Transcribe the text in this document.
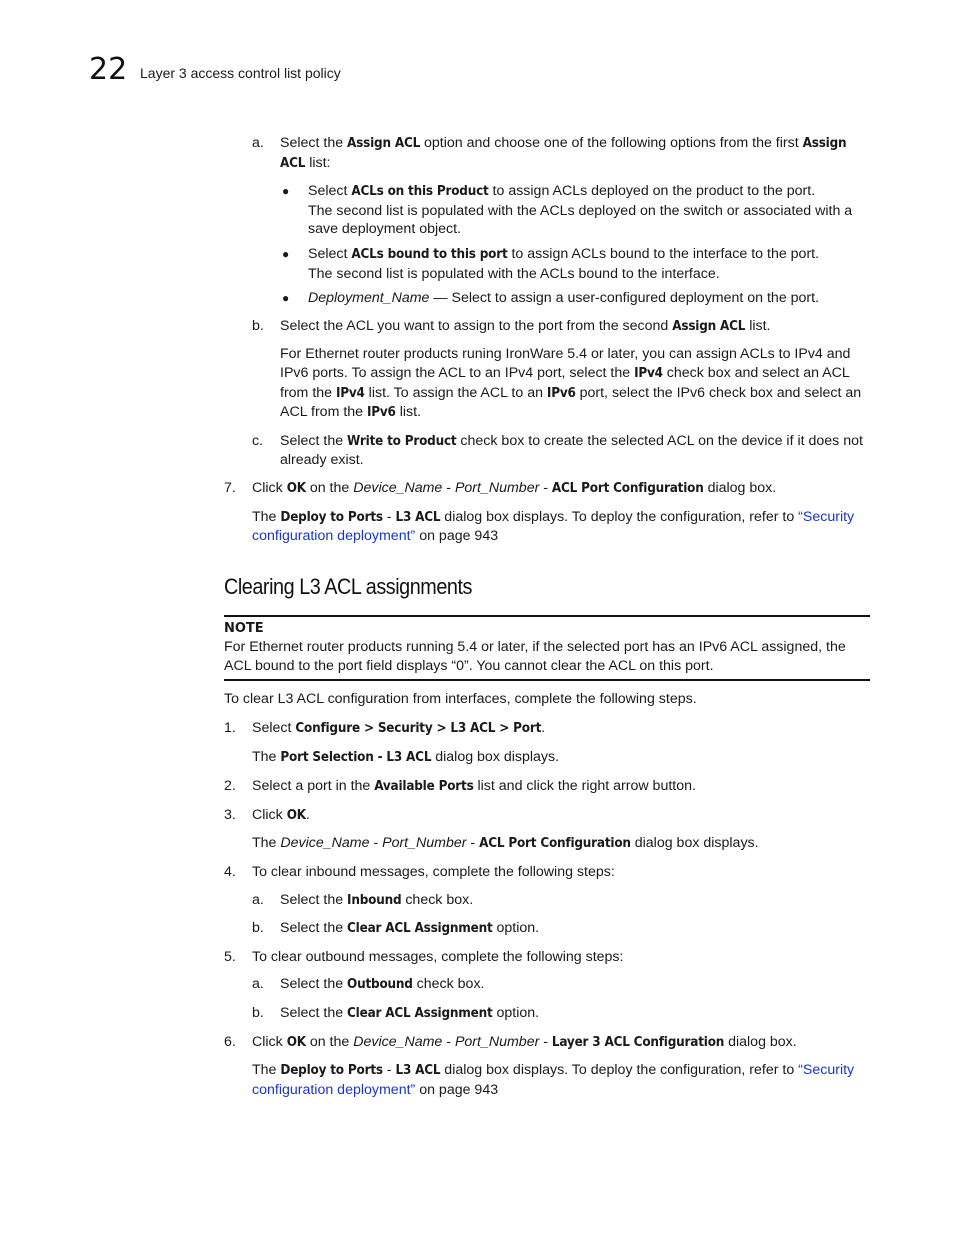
22 Layer 3 access control list policy
a. Select the Assign ACL option and choose one of the following options from the first Assign ACL list:

● Select ACLs on this Product to assign ACLs deployed on the product to the port.

The second list is populated with the ACLs deployed on the switch or associated with a save deployment object.

● Select ACLs bound to this port to assign ACLs bound to the interface to the port.

The second list is populated with the ACLs bound to the interface.

● Deployment_Name — Select to assign a user-configured deployment on the port.

b. Select the ACL you want to assign to the port from the second Assign ACL list.

For Ethernet router products runing IronWare 5.4 or later, you can assign ACLs to IPv4 and IPv6 ports. To assign the ACL to an IPv4 port, select the IPv4 check box and select an ACL from the IPv4 list. To assign the ACL to an IPv6 port, select the IPv6 check box and select an ACL from the IPv6 list.

c. Select the Write to Product check box to create the selected ACL on the device if it does not already exist.

7. Click OK on the Device_Name - Port_Number - ACL Port Configuration dialog box.

The Deploy to Ports - L3 ACL dialog box displays. To deploy the configuration, refer to “Security configuration deployment” on page 943

Clearing L3 ACL assignments
NOTE

For Ethernet router products running 5.4 or later, if the selected port has an IPv6 ACL assigned, the ACL bound to the port field displays “0”. You cannot clear the ACL on this port.

To clear L3 ACL configuration from interfaces, complete the following steps.

1. Select Configure > Security > L3 ACL > Port.

The Port Selection - L3 ACL dialog box displays.

2. Select a port in the Available Ports list and click the right arrow button.

3. Click OK.

The Device_Name - Port_Number - ACL Port Configuration dialog box displays.

4. To clear inbound messages, complete the following steps:

a. Select the Inbound check box.

b. Select the Clear ACL Assignment option.

5. To clear outbound messages, complete the following steps:

a. Select the Outbound check box.

b. Select the Clear ACL Assignment option.

6. Click OK on the Device_Name - Port_Number - Layer 3 ACL Configuration dialog box.

The Deploy to Ports - L3 ACL dialog box displays. To deploy the configuration, refer to “Security configuration deployment” on page 943
